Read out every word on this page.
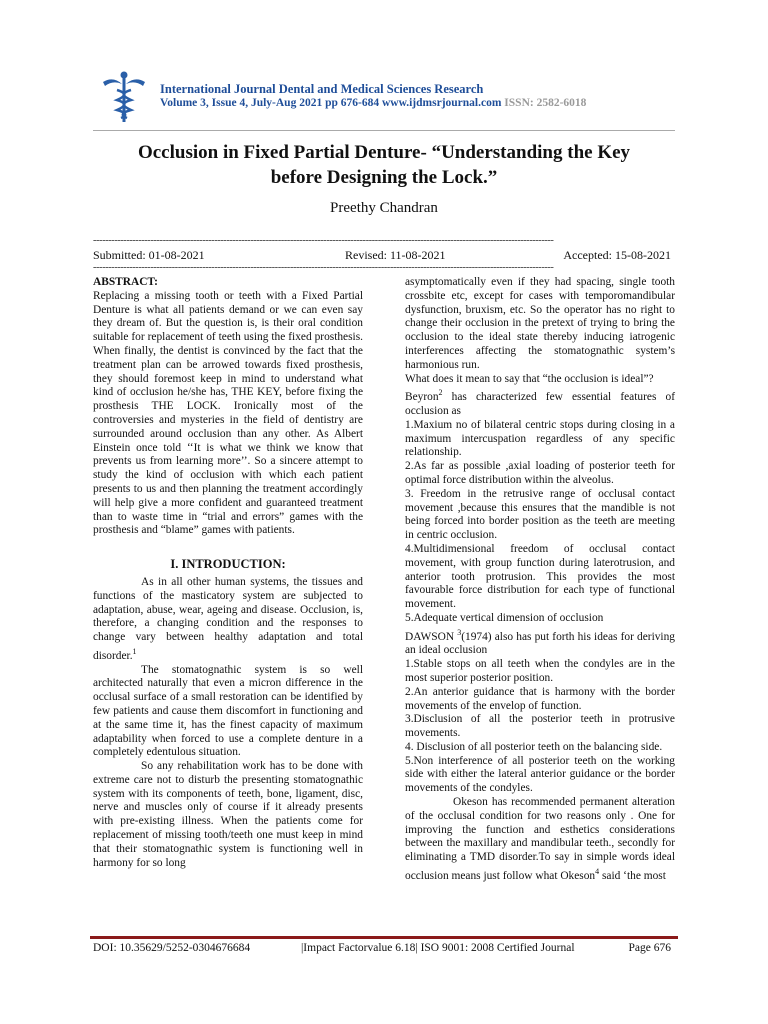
International Journal Dental and Medical Sciences Research
Volume 3, Issue 4, July-Aug 2021 pp 676-684 www.ijdmsrjournal.com ISSN: 2582-6018
Occlusion in Fixed Partial Denture- “Understanding the Key
before Designing the Lock.”
Preethy Chandran
--------------------------------------------------------------------------------------------------------------------------------------------------------
Submitted: 01-08-2021	Revised: 11-08-2021	Accepted: 15-08-2021
--------------------------------------------------------------------------------------------------------------------------------------------------------

ABSTRACT:

Replacing a missing tooth or teeth with a Fixed Partial Denture is what all patients demand or we can even say they dream of. But the question is, is their oral condition suitable for replacement of teeth using the fixed prosthesis. When finally, the dentist is convinced by the fact that the treatment plan can be arrowed towards fixed prosthesis, they should foremost keep in mind to understand what kind of occlusion he/she has, THE KEY, before fixing the prosthesis THE LOCK. Ironically most of the controversies and mysteries in the field of dentistry are surrounded around occlusion than any other. As Albert Einstein once told ‘‘It is what we think we know that prevents us from learning more’’. So a sincere attempt to study the kind of occlusion with which each patient presents to us and then planning the treatment accordingly will help give a more confident and guaranteed treatment than to waste time in “trial and errors” games with the prosthesis and “blame” games with patients.

I. INTRODUCTION:

As in all other human systems, the tissues and functions of the masticatory system are subjected to adaptation, abuse, wear, ageing and disease. Occlusion, is, therefore, a changing condition and the responses to change vary between healthy adaptation and total disorder.$^1$

The stomatognathic system is so well architected naturally that even a micron difference in the occlusal surface of a small restoration can be identified by few patients and cause them discomfort in functioning and at the same time it, has the finest capacity of maximum adaptability when forced to use a complete denture in a completely edentulous situation.

So any rehabilitation work has to be done with extreme care not to disturb the presenting stomatognathic system with its components of teeth, bone, ligament, disc, nerve and muscles only of course if it already presents with pre-existing illness. When the patients come for replacement of missing tooth/teeth one must keep in mind that their stomatognathic system is functioning well in harmony for so long

asymptomatically even if they had spacing, single tooth crossbite etc, except for cases with temporomandibular dysfunction, bruxism, etc. So the operator has no right to change their occlusion in the pretext of trying to bring the occlusion to the ideal state thereby inducing iatrogenic interferences affecting the stomatognathic system’s harmonious run.

What does it mean to say that “the occlusion is ideal”?

Beyron$^2$ has characterized few essential features of occlusion as

1.Maxium no of bilateral centric stops during closing in a maximum intercuspation regardless of any specific relationship.

2.As far as possible ,axial loading of posterior teeth for optimal force distribution within the alveolus.

3. Freedom in the retrusive range of occlusal contact movement ,because this ensures that the mandible is not being forced into border position as the teeth are meeting in centric occlusion.

4.Multidimensional freedom of occlusal contact movement, with group function during laterotrusion, and anterior tooth protrusion. This provides the most favourable force distribution for each type of functional movement.

5.Adequate vertical dimension of occlusion

DAWSON $^3$(1974) also has put forth his ideas for deriving an ideal occlusion

1.Stable stops on all teeth when the condyles are in the most superior posterior position.

2.An anterior guidance that is harmony with the border movements of the envelop of function.

3.Disclusion of all the posterior teeth in protrusive movements.

4. Disclusion of all posterior teeth on the balancing side.

5.Non interference of all posterior teeth on the working side with either the lateral anterior guidance or the border movements of the condyles.

Okeson has recommended permanent alteration of the occlusal condition for two reasons only . One for improving the function and esthetics considerations between the maxillary and mandibular teeth., secondly for eliminating a TMD disorder.To say in simple words ideal occlusion means just follow what Okeson$^4$ said ‘the most

DOI: 10.35629/5252-0304676684	|Impact Factorvalue 6.18| ISO 9001: 2008 Certified Journal	Page 676
